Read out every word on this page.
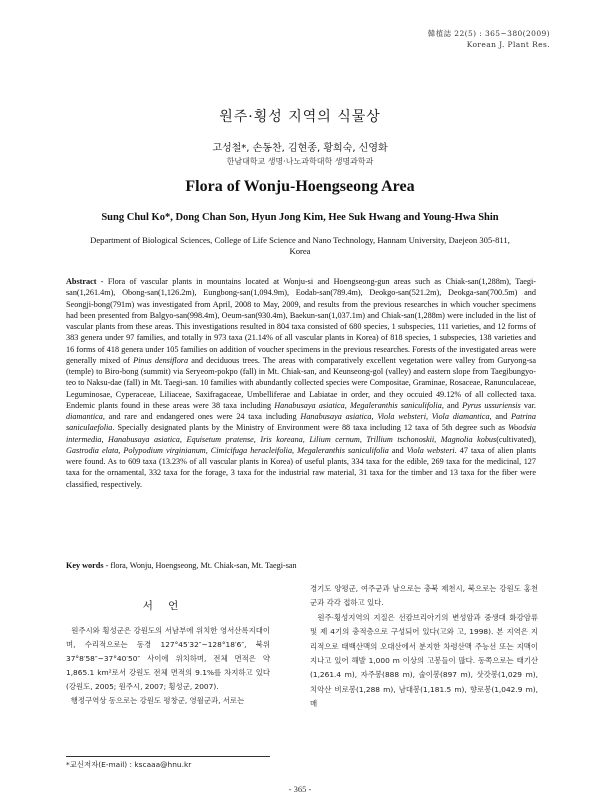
韓植誌 22(5) : 365~380(2009)
Korean J. Plant Res.
원주·횡성 지역의 식물상
고성철*, 손동찬, 김현종, 황희숙, 신영화
한남대학교 생명·나노과학대학 생명과학과
Flora of Wonju-Hoengseong Area
Sung Chul Ko*, Dong Chan Son, Hyun Jong Kim, Hee Suk Hwang and Young-Hwa Shin
Department of Biological Sciences, College of Life Science and Nano Technology, Hannam University, Daejeon 305-811, Korea

Abstract - Flora of vascular plants in mountains located at Wonju-si and Hoengseong-gun areas such as Chiak-san(1,288m), Taegi-san(1,261.4m), Obong-san(1,126.2m), Eungbong-san(1,094.9m), Eodab-san(789.4m), Deokgo-san(521.2m), Deokga-san(700.5m) and Seongji-bong(791m) was investigated from April, 2008 to May, 2009, and results from the previous researches in which voucher specimens had been presented from Balgyo-san(998.4m), Oeum-san(930.4m), Baekun-san(1,037.1m) and Chiak-san(1,288m) were included in the list of vascular plants from these areas. This investigations resulted in 804 taxa consisted of 680 species, 1 subspecies, 111 varieties, and 12 forms of 383 genera under 97 families, and totally in 973 taxa (21.14% of all vascular plants in Korea) of 818 species, 1 subspecies, 138 varieties and 16 forms of 418 genera under 105 families on addition of voucher specimens in the previous researches. Forests of the investigated areas were generally mixed of Pinus densiflora and deciduous trees. The areas with comparatively excellent vegetation were valley from Guryong-sa (temple) to Biro-bong (summit) via Seryeom-pokpo (fall) in Mt. Chiak-san, and Keunseong-gol (valley) and eastern slope from Taegibungyo-teo to Naksu-dae (fall) in Mt. Taegi-san. 10 families with abundantly collected species were Compositae, Graminae, Rosaceae, Ranunculaceae, Leguminosae, Cyperaceae, Liliaceae, Saxifragaceae, Umbelliferae and Labiatae in order, and they occuied 49.12% of all collected taxa. Endemic plants found in these areas were 38 taxa including Hanabusaya asiatica, Megaleranthis saniculifolia, and Pyrus ussuriensis var. diamantica, and rare and endangered ones were 24 taxa including Hanabusaya asiatica, Viola websteri, Viola diamantica, and Patrina saniculaefolia. Specially designated plants by the Ministry of Environment were 88 taxa including 12 taxa of 5th degree such as Woodsia intermedia, Hanabusaya asiatica, Equisetum pratense, Iris koreana, Lilium cernum, Trillium tschonoskii, Magnolia kobus(cultivated), Gastrodia elata, Polypodium virginianum, Cimicifuga heracleifolia, Megaleranthis saniculifolia and Viola websteri. 47 taxa of alien plants were found. As to 609 taxa (13.23% of all vascular plants in Korea) of useful plants, 334 taxa for the edible, 269 taxa for the medicinal, 127 taxa for the ornamental, 332 taxa for the forage, 3 taxa for the industrial raw material, 31 taxa for the timber and 13 taxa for the fiber were classified, respectively.

Key words - flora, Wonju, Hoengseong, Mt. Chiak-san, Mt. Taegi-san

서 언

원주시와 횡성군은 강원도의 서남부에 위치한 영서산록지대이며, 수리적으로는 동경 127°45′32″~128°18′6″, 북위 37°8′58″~37°40′50″ 사이에 위치하며, 전체 면적은 약 1,865.1 km²로서 강원도 전체 면적의 9.1%를 차지하고 있다(강원도, 2005; 원주시, 2007; 횡성군, 2007).

행정구역상 동으로는 강원도 평창군, 영월군과, 서로는

경기도 양평군, 여주군과 남으로는 충북 제천시, 북으로는 강원도 홍천군과 각각 접하고 있다.

원주·횡성지역의 지질은 선캄브리아기의 변성암과 중생대 화강암류 및 제 4기의 충적층으로 구성되어 있다(고와 고, 1998). 본 지역은 지리적으로 태백산맥의 오대산에서 분지한 차령산맥 주능선 또는 지맥이 지나고 있어 해발 1,000 m 이상의 고봉들이 많다. 동쪽으로는 태기산(1,261.4 m), 자주봉(888 m), 술이봉(897 m), 삿갓봉(1,029 m), 치악산 비로봉(1,288 m), 남대봉(1,181.5 m), 향로봉(1,042.9 m), 매

*교신저자(E-mail) : kscaaa@hnu.kr
- 365 -
